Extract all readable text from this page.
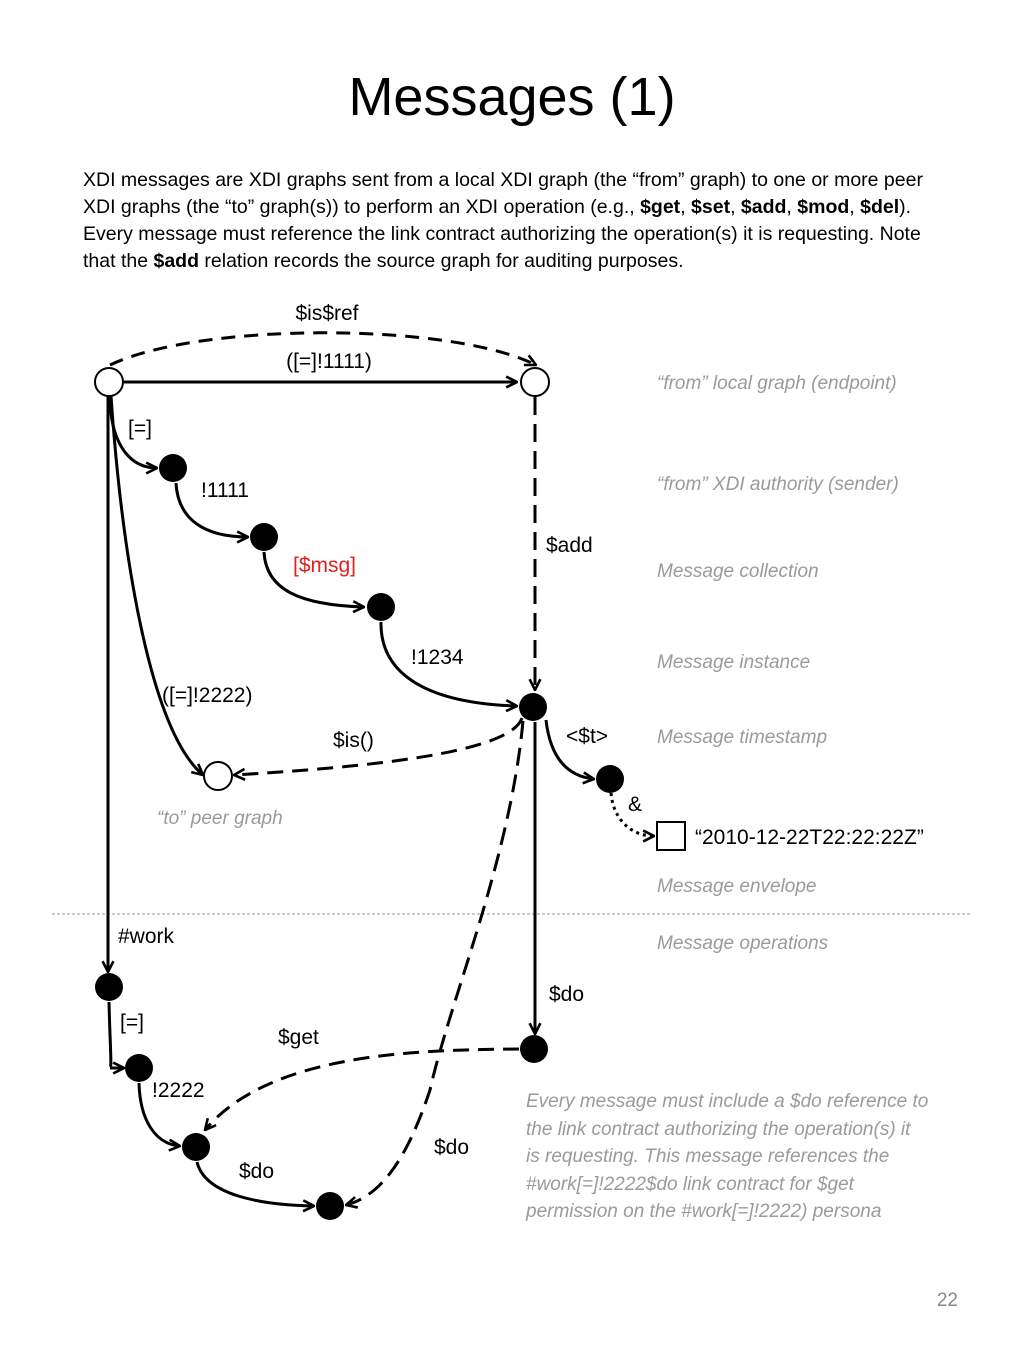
Messages (1)
XDI messages are XDI graphs sent from a local XDI graph (the “from” graph) to one or more peer XDI graphs (the “to” graph(s)) to perform an XDI operation (e.g., $get, $set, $add, $mod, $del). Every message must reference the link contract authorizing the operation(s) it is requesting. Note that the $add relation records the source graph for auditing purposes.
$is$ref
([=]!1111)
[=]
!1111
$add
[$msg]
!1234
([=]!2222)
$is()	<$t>
&
“2010-12-22T22:22:22Z”
#work
$do
[=]
$get
!2222
$do
$do
“from” local graph (endpoint)
“from” XDI authority (sender)
Message collection
Message instance
Message timestamp
“to” peer graph
Message envelope
Message operations
Every message must include a $do reference to
the link contract authorizing the operation(s) it
is requesting. This message references the
#work[=]!2222$do link contract for $get
permission on the #work[=]!2222) persona
22
